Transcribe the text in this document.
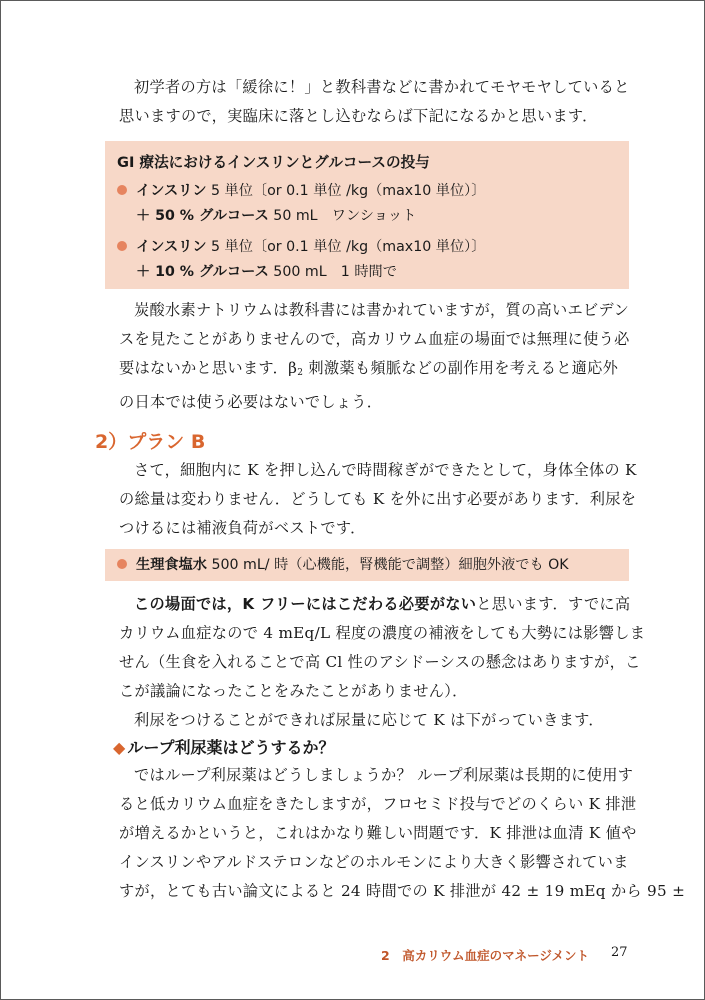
初学者の方は「緩徐に！」と教科書などに書かれてモヤモヤしていると
思いますので，実臨床に落とし込むならば下記になるかと思います．

GI 療法におけるインスリンとグルコースの投与
インスリン 5 単位〔or 0.1 単位 /kg（max10 単位）〕
＋ 50 % グルコース 50 mL　ワンショット
インスリン 5 単位〔or 0.1 単位 /kg（max10 単位）〕
＋ 10 % グルコース 500 mL　1 時間で

炭酸水素ナトリウムは教科書には書かれていますが，質の高いエビデン
スを見たことがありませんので，高カリウム血症の場面では無理に使う必
要はないかと思います．$\beta_2$ 刺激薬も頻脈などの副作用を考えると適応外
の日本では使う必要はないでしょう．

2）プラン B

さて，細胞内に K を押し込んで時間稼ぎができたとして，身体全体の K
の総量は変わりません．どうしても K を外に出す必要があります．利尿を
つけるには補液負荷がベストです．

生理食塩水 500 mL/ 時（心機能，腎機能で調整）細胞外液でも OK

この場面では，K フリーにはこだわる必要がないと思います．すでに高
カリウム血症なので 4 mEq/L 程度の濃度の補液をしても大勢には影響しま
せん（生食を入れることで高 Cl 性のアシドーシスの懸念はありますが，こ
こが議論になったことをみたことがありません）．
利尿をつけることができれば尿量に応じて K は下がっていきます．

◆ ループ利尿薬はどうするか？

ではループ利尿薬はどうしましょうか？ ループ利尿薬は長期的に使用す
ると低カリウム血症をきたしますが，フロセミド投与でどのくらい K 排泄
が増えるかというと，これはかなり難しい問題です．K 排泄は血清 K 値や
インスリンやアルドステロンなどのホルモンにより大きく影響されていま
すが，とても古い論文によると 24 時間での K 排泄が 42 ± 19 mEq から 95 ±

2　高カリウム血症のマネージメント 27
